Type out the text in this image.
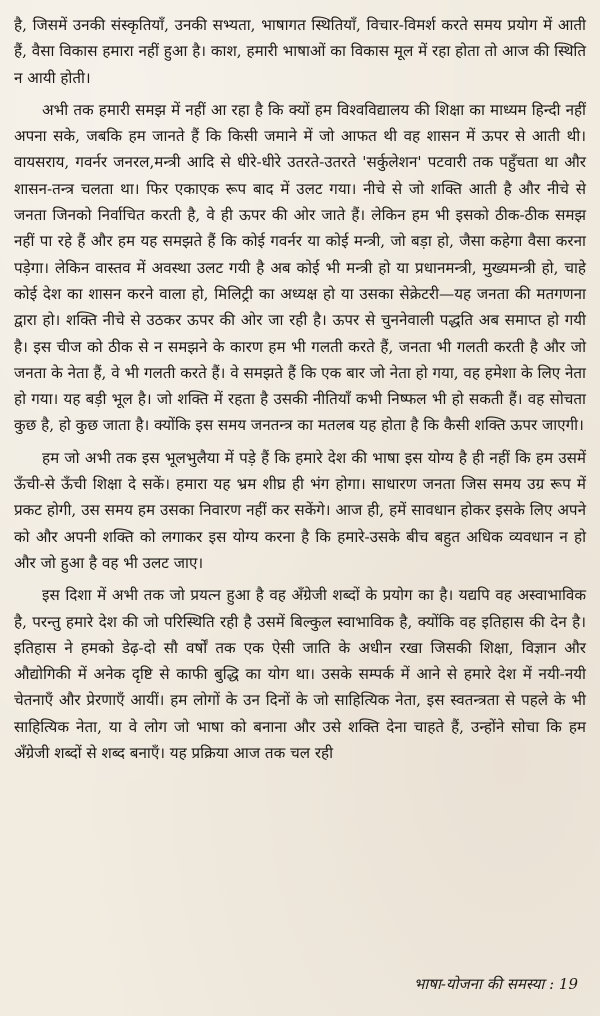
है, जिसमें उनकी संस्कृतियाँ, उनकी सभ्यता, भाषागत स्थितियाँ, विचार-विमर्श करते समय प्रयोग में आती हैं, वैसा विकास हमारा नहीं हुआ है। काश, हमारी भाषाओं का विकास मूल में रहा होता तो आज की स्थिति न आयी होती।

अभी तक हमारी समझ में नहीं आ रहा है कि क्यों हम विश्वविद्यालय की शिक्षा का माध्यम हिन्दी नहीं अपना सके, जबकि हम जानते हैं कि किसी जमाने में जो आफत थी वह शासन में ऊपर से आती थी। वायसराय, गवर्नर जनरल,मन्त्री आदि से धीरे-धीरे उतरते-उतरते 'सर्कुलेशन' पटवारी तक पहुँचता था और शासन-तन्त्र चलता था। फिर एकाएक रूप बाद में उलट गया। नीचे से जो शक्ति आती है और नीचे से जनता जिनको निर्वाचित करती है, वे ही ऊपर की ओर जाते हैं। लेकिन हम भी इसको ठीक-ठीक समझ नहीं पा रहे हैं और हम यह समझते हैं कि कोई गवर्नर या कोई मन्त्री, जो बड़ा हो, जैसा कहेगा वैसा करना पड़ेगा। लेकिन वास्तव में अवस्था उलट गयी है अब कोई भी मन्त्री हो या प्रधानमन्त्री, मुख्यमन्त्री हो, चाहे कोई देश का शासन करने वाला हो, मिलिट्री का अध्यक्ष हो या उसका सेक्रेटरी—यह जनता की मतगणना द्वारा हो। शक्ति नीचे से उठकर ऊपर की ओर जा रही है। ऊपर से चुननेवाली पद्धति अब समाप्त हो गयी है। इस चीज को ठीक से न समझने के कारण हम भी गलती करते हैं, जनता भी गलती करती है और जो जनता के नेता हैं, वे भी गलती करते हैं। वे समझते हैं कि एक बार जो नेता हो गया, वह हमेशा के लिए नेता हो गया। यह बड़ी भूल है। जो शक्ति में रहता है उसकी नीतियाँ कभी निष्फल भी हो सकती हैं। वह सोचता कुछ है, हो कुछ जाता है। क्योंकि इस समय जनतन्त्र का मतलब यह होता है कि कैसी शक्ति ऊपर जाएगी।

हम जो अभी तक इस भूलभुलैया में पड़े हैं कि हमारे देश की भाषा इस योग्य है ही नहीं कि हम उसमें ऊँची-से ऊँची शिक्षा दे सकें। हमारा यह भ्रम शीघ्र ही भंग होगा। साधारण जनता जिस समय उग्र रूप में प्रकट होगी, उस समय हम उसका निवारण नहीं कर सकेंगे। आज ही, हमें सावधान होकर इसके लिए अपने को और अपनी शक्ति को लगाकर इस योग्य करना है कि हमारे-उसके बीच बहुत अधिक व्यवधान न हो और जो हुआ है वह भी उलट जाए।

इस दिशा में अभी तक जो प्रयत्न हुआ है वह अँग्रेजी शब्दों के प्रयोग का है। यद्यपि वह अस्वाभाविक है, परन्तु हमारे देश की जो परिस्थिति रही है उसमें बिल्कुल स्वाभाविक है, क्योंकि वह इतिहास की देन है। इतिहास ने हमको डेढ़-दो सौ वर्षों तक एक ऐसी जाति के अधीन रखा जिसकी शिक्षा, विज्ञान और औद्योगिकी में अनेक दृष्टि से काफी बुद्धि का योग था। उसके सम्पर्क में आने से हमारे देश में नयी-नयी चेतनाएँ और प्रेरणाएँ आयीं। हम लोगों के उन दिनों के जो साहित्यिक नेता, इस स्वतन्त्रता से पहले के भी साहित्यिक नेता, या वे लोग जो भाषा को बनाना और उसे शक्ति देना चाहते हैं, उन्होंने सोचा कि हम अँग्रेजी शब्दों से शब्द बनाएँ। यह प्रक्रिया आज तक चल रही

भाषा-योजना की समस्या : 19
